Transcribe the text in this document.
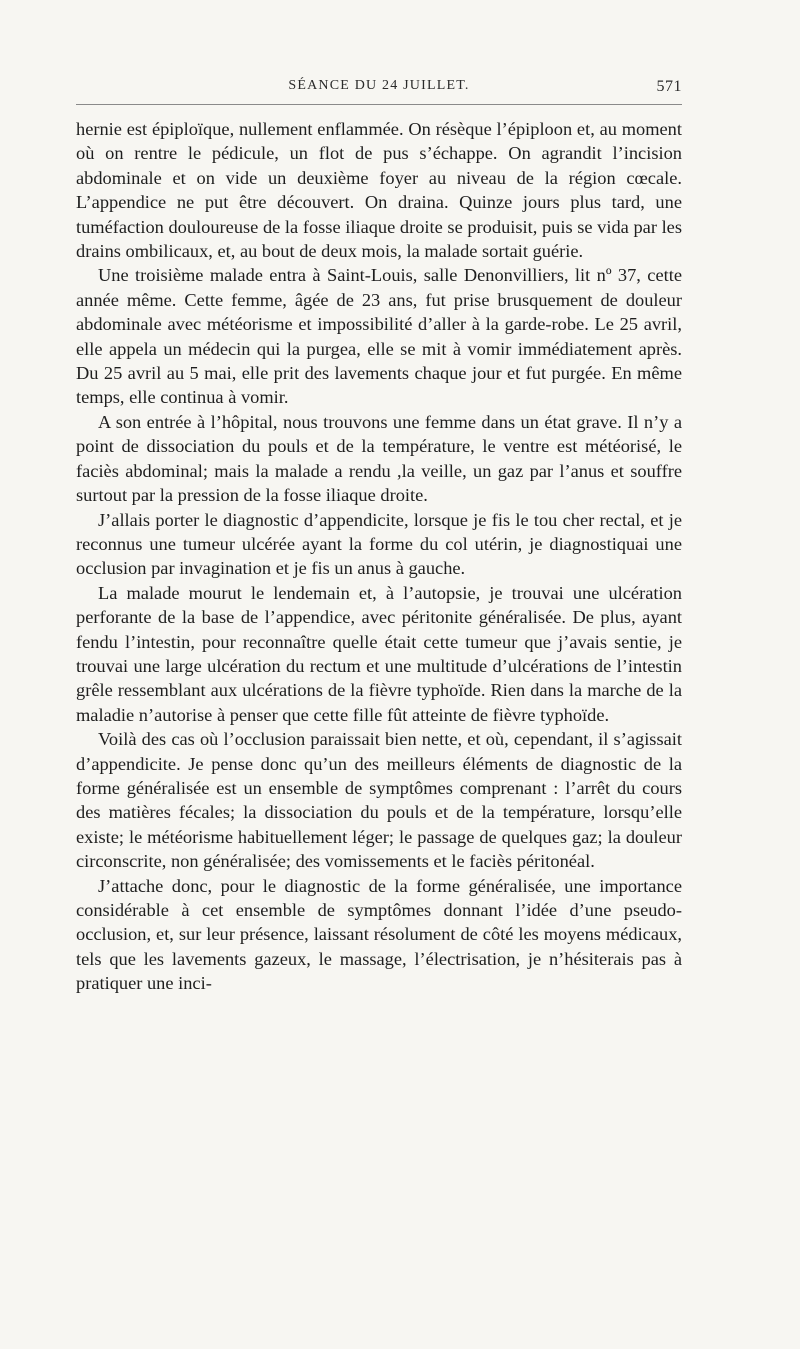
SÉANCE DU 24 JUILLET.	571

hernie est épiploïque, nullement enflammée. On résèque l’épiploon et, au moment où on rentre le pédicule, un flot de pus s’échappe. On agrandit l’incision abdominale et on vide un deuxième foyer au niveau de la région cœcale. L’appendice ne put être découvert. On draina. Quinze jours plus tard, une tuméfaction douloureuse de la fosse iliaque droite se produisit, puis se vida par les drains ombilicaux, et, au bout de deux mois, la malade sortait guérie.

Une troisième malade entra à Saint-Louis, salle Denonvilliers, lit nº 37, cette année même. Cette femme, âgée de 23 ans, fut prise brusquement de douleur abdominale avec météorisme et impossibilité d’aller à la garde-robe. Le 25 avril, elle appela un médecin qui la purgea, elle se mit à vomir immédiatement après. Du 25 avril au 5 mai, elle prit des lavements chaque jour et fut purgée. En même temps, elle continua à vomir.

A son entrée à l’hôpital, nous trouvons une femme dans un état grave. Il n’y a point de dissociation du pouls et de la température, le ventre est météorisé, le faciès abdominal; mais la malade a rendu ,la veille, un gaz par l’anus et souffre surtout par la pression de la fosse iliaque droite.

J’allais porter le diagnostic d’appendicite, lorsque je fis le tou cher rectal, et je reconnus une tumeur ulcérée ayant la forme du col utérin, je diagnostiquai une occlusion par invagination et je fis un anus à gauche.

La malade mourut le lendemain et, à l’autopsie, je trouvai une ulcération perforante de la base de l’appendice, avec péritonite généralisée. De plus, ayant fendu l’intestin, pour reconnaître quelle était cette tumeur que j’avais sentie, je trouvai une large ulcération du rectum et une multitude d’ulcérations de l’intestin grêle ressemblant aux ulcérations de la fièvre typhoïde. Rien dans la marche de la maladie n’autorise à penser que cette fille fût atteinte de fièvre typhoïde.

Voilà des cas où l’occlusion paraissait bien nette, et où, cependant, il s’agissait d’appendicite. Je pense donc qu’un des meilleurs éléments de diagnostic de la forme généralisée est un ensemble de symptômes comprenant : l’arrêt du cours des matières fécales; la dissociation du pouls et de la température, lorsqu’elle existe; le météorisme habituellement léger; le passage de quelques gaz; la douleur circonscrite, non généralisée; des vomissements et le faciès péritonéal.

J’attache donc, pour le diagnostic de la forme généralisée, une importance considérable à cet ensemble de symptômes donnant l’idée d’une pseudo-occlusion, et, sur leur présence, laissant résolument de côté les moyens médicaux, tels que les lavements gazeux, le massage, l’électrisation, je n’hésiterais pas à pratiquer une inci-
